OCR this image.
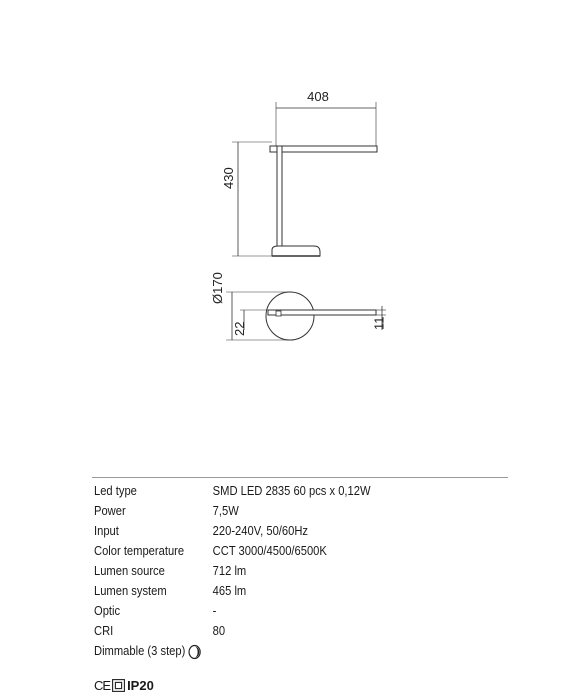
408
430
Ø170
22	11
Led type	SMD LED 2835 60 pcs x 0,12W
Power	7,5W
Input	220-240V, 50/60Hz
Color temperature	CCT 3000/4500/6500K
Lumen source	712 lm
Lumen system	465 lm
Optic	-
CRI	80
Dimmable (3 step)	
CE IP20
